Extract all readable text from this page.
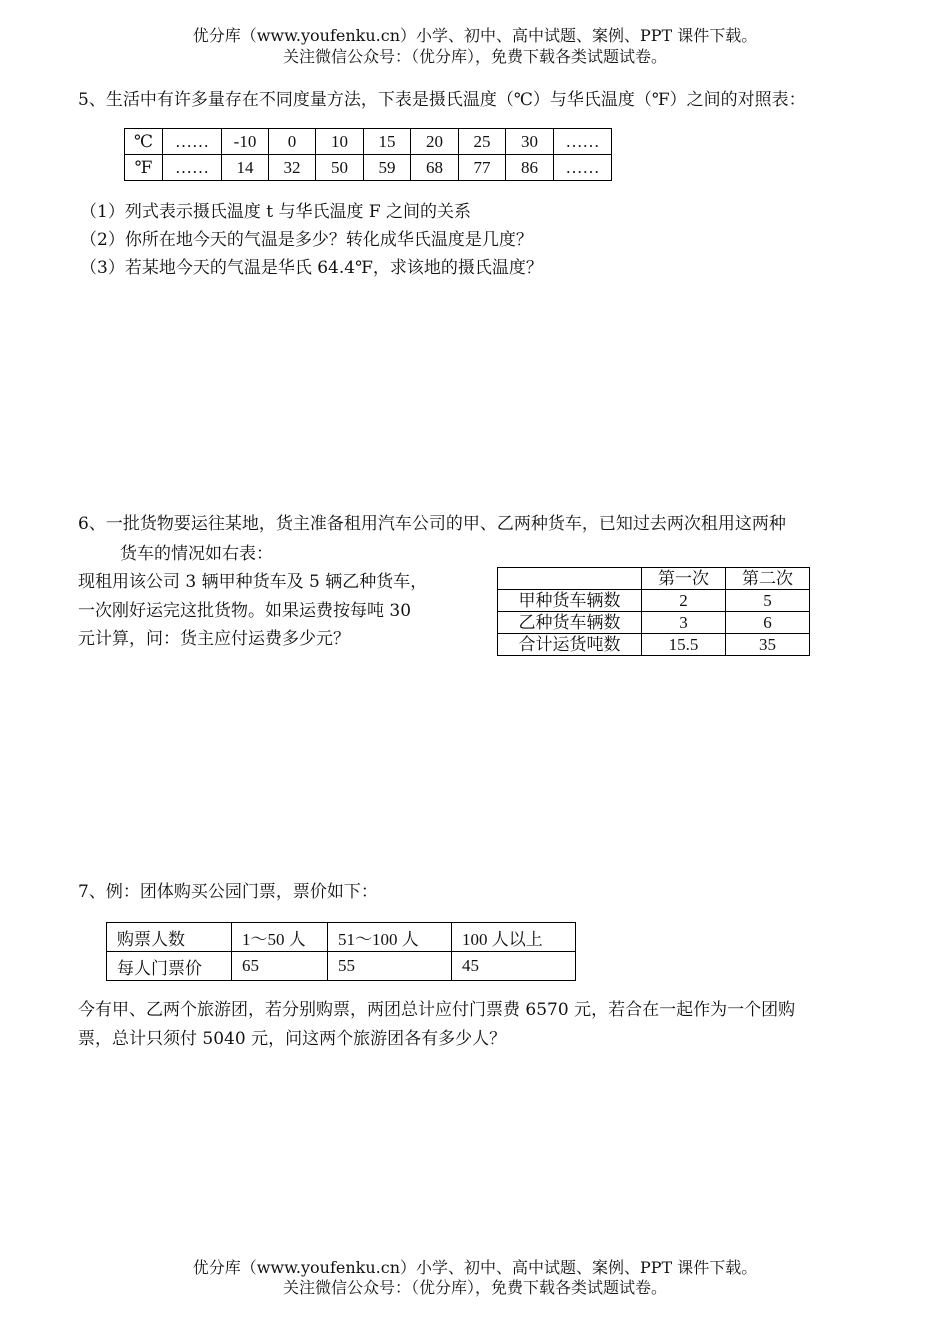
优分库（www.youfenku.cn）小学、初中、高中试题、案例、PPT 课件下载。
关注微信公众号：（优分库），免费下载各类试题试卷。
5、生活中有许多量存在不同度量方法，下表是摄氏温度（℃）与华氏温度（℉）之间的对照表：
℃	……	-10	0	10	15	20	25	30	……
℉	……	14	32	50	59	68	77	86	……
（1）列式表示摄氏温度 t 与华氏温度 F 之间的关系
（2）你所在地今天的气温是多少？转化成华氏温度是几度？
（3）若某地今天的气温是华氏 64.4℉，求该地的摄氏温度？
6、一批货物要运往某地，货主准备租用汽车公司的甲、乙两种货车，已知过去两次租用这两种
货车的情况如右表：
现租用该公司 3 辆甲种货车及 5 辆乙种货车，
一次刚好运完这批货物。如果运费按每吨 30
元计算，问：货主应付运费多少元？
	第一次	第二次
甲种货车辆数	2	5
乙种货车辆数	3	6
合计运货吨数	15.5	35
7、例：团体购买公园门票，票价如下：
购票人数	1～50 人	51～100 人	100 人以上
每人门票价	65	55	45
今有甲、乙两个旅游团，若分别购票，两团总计应付门票费 6570 元，若合在一起作为一个团购
票，总计只须付 5040 元，问这两个旅游团各有多少人？
优分库（www.youfenku.cn）小学、初中、高中试题、案例、PPT 课件下载。
关注微信公众号：（优分库），免费下载各类试题试卷。
